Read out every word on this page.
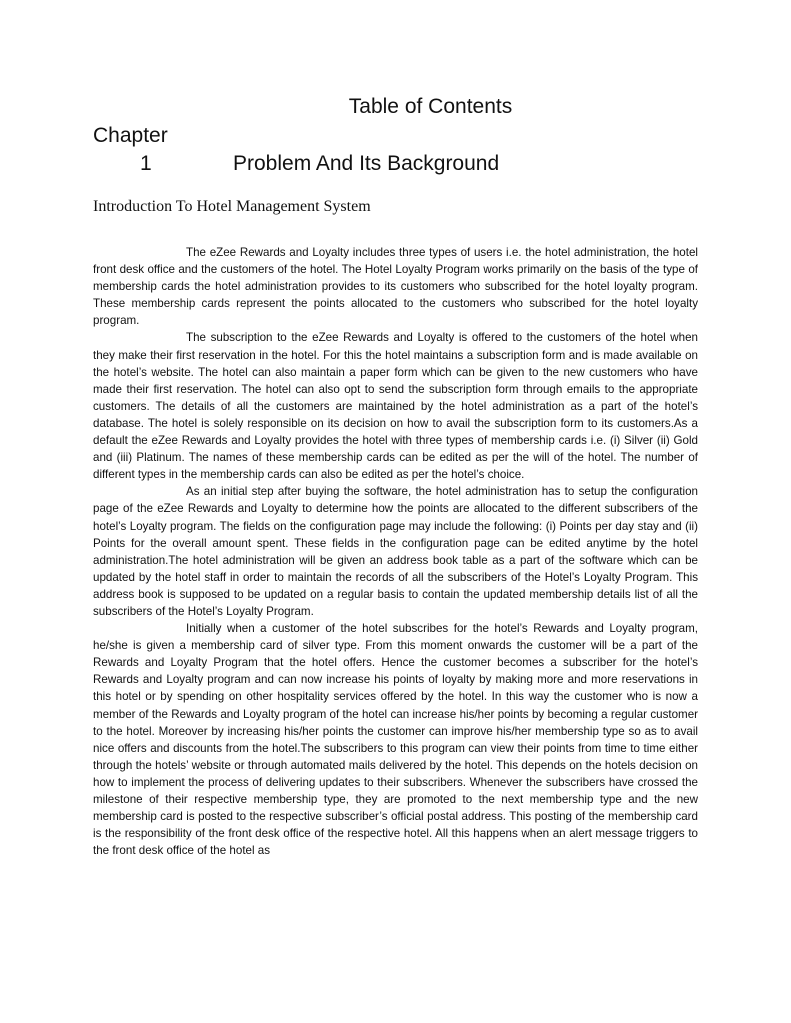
Table of Contents
Chapter
1	Problem And Its Background
Introduction To Hotel Management System

The eZee Rewards and Loyalty includes three types of users i.e. the hotel administration, the hotel front desk office and the customers of the hotel. The Hotel Loyalty Program works primarily on the basis of the type of membership cards the hotel administration provides to its customers who subscribed for the hotel loyalty program. These membership cards represent the points allocated to the customers who subscribed for the hotel loyalty program.

The subscription to the eZee Rewards and Loyalty is offered to the customers of the hotel when they make their first reservation in the hotel. For this the hotel maintains a subscription form and is made available on the hotel’s website. The hotel can also maintain a paper form which can be given to the new customers who have made their first reservation. The hotel can also opt to send the subscription form through emails to the appropriate customers. The details of all the customers are maintained by the hotel administration as a part of the hotel’s database. The hotel is solely responsible on its decision on how to avail the subscription form to its customers.As a default the eZee Rewards and Loyalty provides the hotel with three types of membership cards i.e. (i) Silver (ii) Gold and (iii) Platinum. The names of these membership cards can be edited as per the will of the hotel. The number of different types in the membership cards can also be edited as per the hotel’s choice.

As an initial step after buying the software, the hotel administration has to setup the configuration page of the eZee Rewards and Loyalty to determine how the points are allocated to the different subscribers of the hotel’s Loyalty program. The fields on the configuration page may include the following: (i) Points per day stay and (ii) Points for the overall amount spent. These fields in the configuration page can be edited anytime by the hotel administration.The hotel administration will be given an address book table as a part of the software which can be updated by the hotel staff in order to maintain the records of all the subscribers of the Hotel’s Loyalty Program. This address book is supposed to be updated on a regular basis to contain the updated membership details list of all the subscribers of the Hotel’s Loyalty Program.

Initially when a customer of the hotel subscribes for the hotel’s Rewards and Loyalty program, he/she is given a membership card of silver type. From this moment onwards the customer will be a part of the Rewards and Loyalty Program that the hotel offers. Hence the customer becomes a subscriber for the hotel’s Rewards and Loyalty program and can now increase his points of loyalty by making more and more reservations in this hotel or by spending on other hospitality services offered by the hotel. In this way the customer who is now a member of the Rewards and Loyalty program of the hotel can increase his/her points by becoming a regular customer to the hotel. Moreover by increasing his/her points the customer can improve his/her membership type so as to avail nice offers and discounts from the hotel.The subscribers to this program can view their points from time to time either through the hotels’ website or through automated mails delivered by the hotel. This depends on the hotels decision on how to implement the process of delivering updates to their subscribers. Whenever the subscribers have crossed the milestone of their respective membership type, they are promoted to the next membership type and the new membership card is posted to the respective subscriber’s official postal address. This posting of the membership card is the responsibility of the front desk office of the respective hotel. All this happens when an alert message triggers to the front desk office of the hotel as
